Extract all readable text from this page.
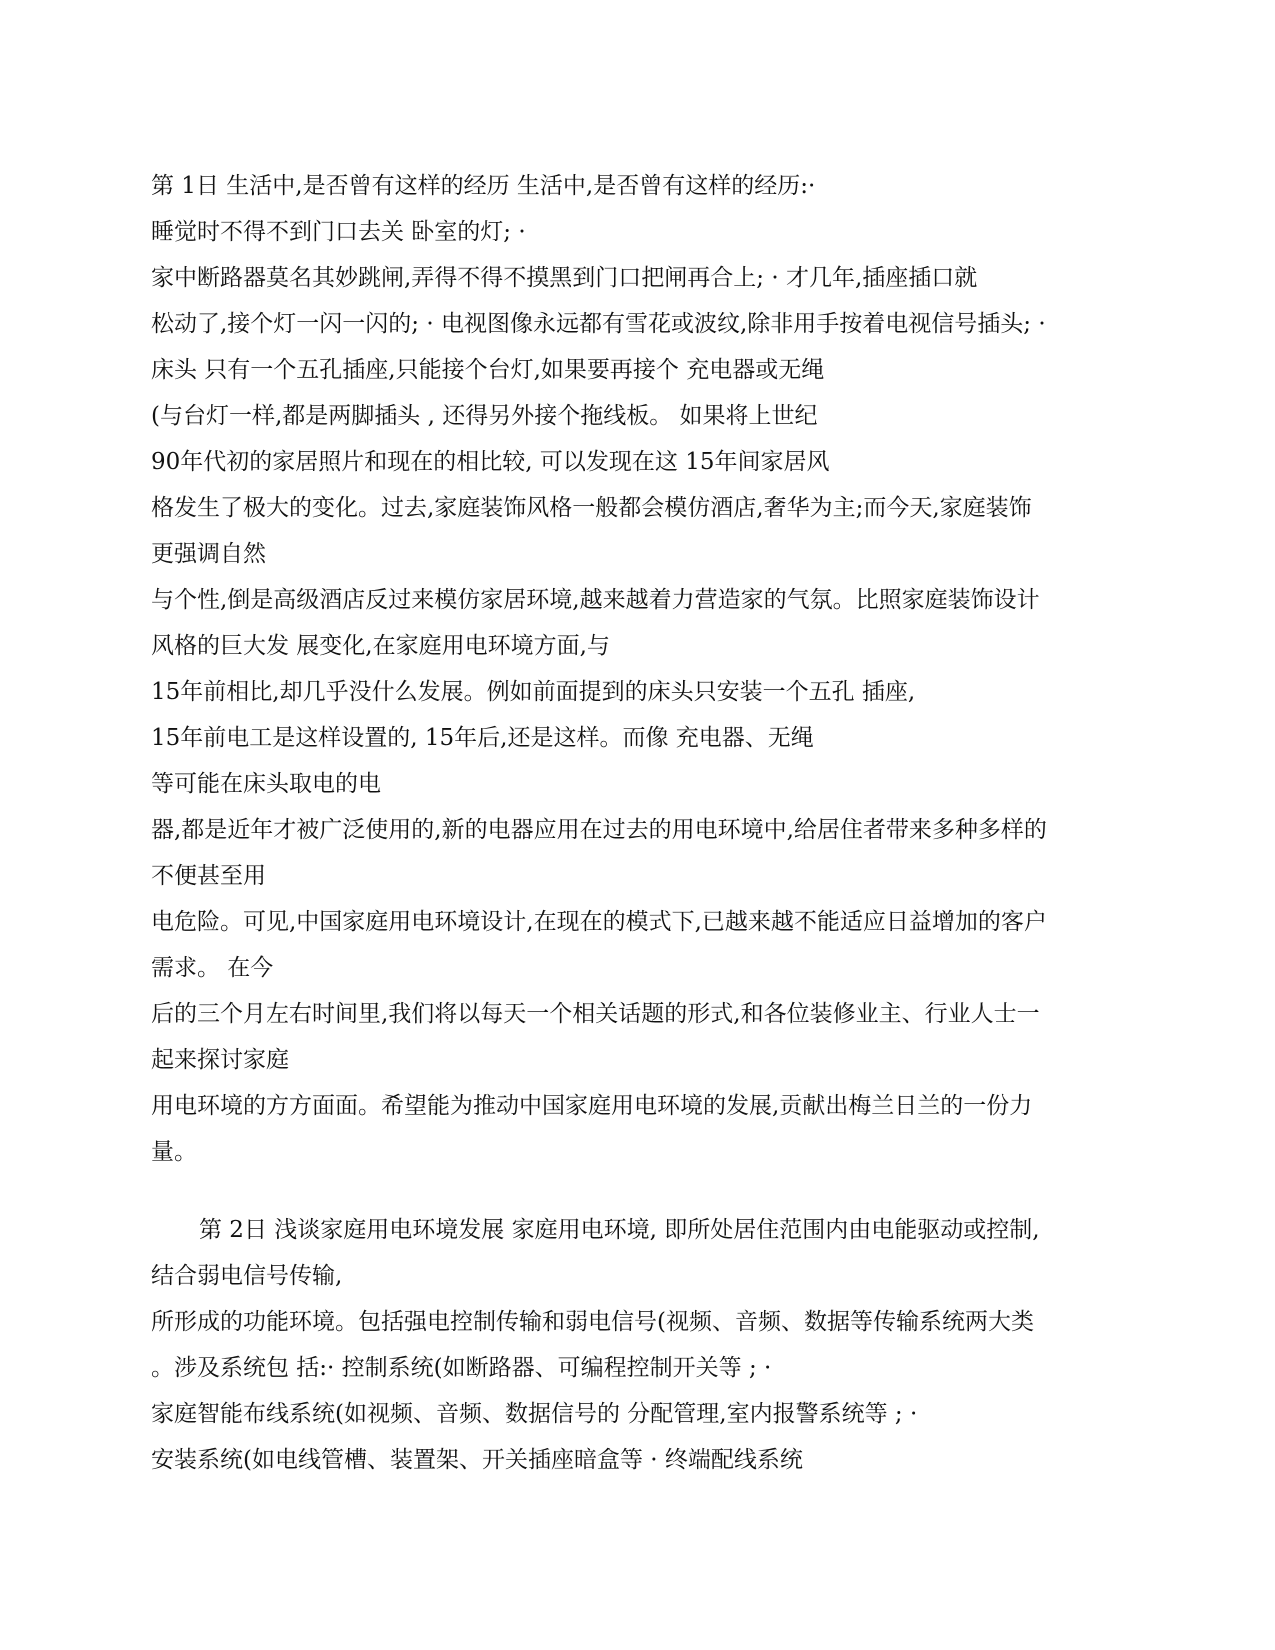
第 1日 生活中,是否曾有这样的经历 生活中,是否曾有这样的经历:·
睡觉时不得不到门口去关 卧室的灯; ·
家中断路器莫名其妙跳闸,弄得不得不摸黑到门口把闸再合上; · 才几年,插座插口就
松动了,接个灯一闪一闪的; · 电视图像永远都有雪花或波纹,除非用手按着电视信号插头; ·
床头 只有一个五孔插座,只能接个台灯,如果要再接个 充电器或无绳
(与台灯一样,都是两脚插头 , 还得另外接个拖线板。 如果将上世纪
90年代初的家居照片和现在的相比较, 可以发现在这 15年间家居风
格发生了极大的变化。过去,家庭装饰风格一般都会模仿酒店,奢华为主;而今天,家庭装饰
更强调自然
与个性,倒是高级酒店反过来模仿家居环境,越来越着力营造家的气氛。比照家庭装饰设计
风格的巨大发 展变化,在家庭用电环境方面,与
15年前相比,却几乎没什么发展。例如前面提到的床头只安装一个五孔 插座,
15年前电工是这样设置的, 15年后,还是这样。而像 充电器、无绳
等可能在床头取电的电
器,都是近年才被广泛使用的,新的电器应用在过去的用电环境中,给居住者带来多种多样的
不便甚至用
电危险。可见,中国家庭用电环境设计,在现在的模式下,已越来越不能适应日益增加的客户
需求。 在今
后的三个月左右时间里,我们将以每天一个相关话题的形式,和各位装修业主、行业人士一
起来探讨家庭
用电环境的方方面面。希望能为推动中国家庭用电环境的发展,贡献出梅兰日兰的一份力
量。
第 2日 浅谈家庭用电环境发展 家庭用电环境, 即所处居住范围内由电能驱动或控制,
结合弱电信号传输,
所形成的功能环境。包括强电控制传输和弱电信号(视频、音频、数据等传输系统两大类
。涉及系统包 括:· 控制系统(如断路器、可编程控制开关等 ; ·
家庭智能布线系统(如视频、音频、数据信号的 分配管理,室内报警系统等 ; ·
安装系统(如电线管槽、装置架、开关插座暗盒等 · 终端配线系统
